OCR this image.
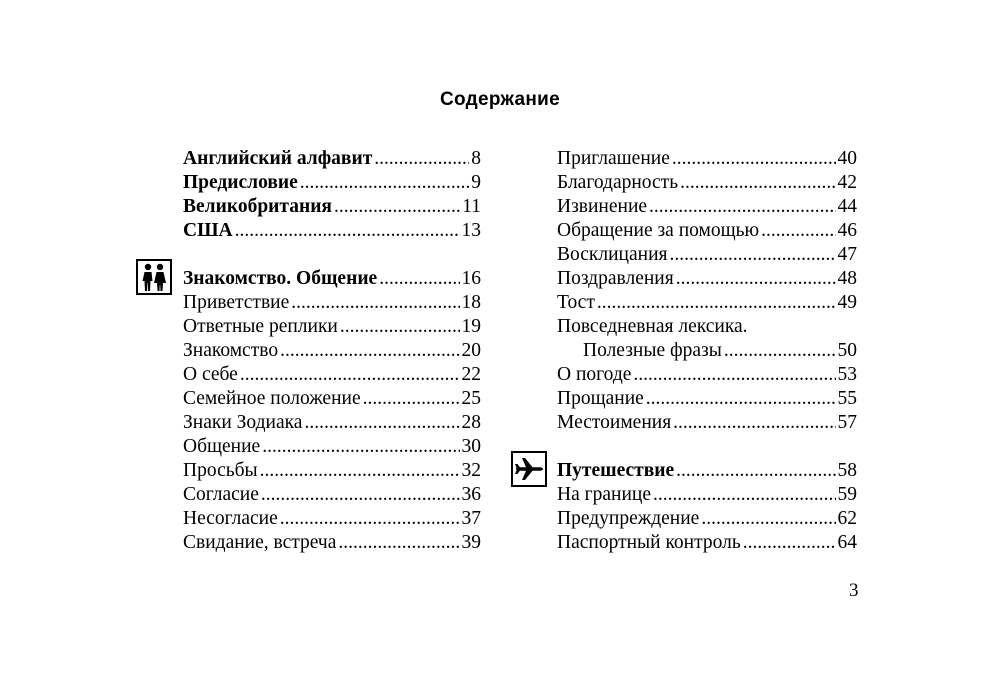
Содержание
Английский алфавит .....	8
Предисловие .....	9
Великобритания .....	11
США .....	13
Знакомство. Общение .....	16
Приветствие .....	18
Ответные реплики .....	19
Знакомство .....	20
О себе .....	22
Семейное положение .....	25
Знаки Зодиака .....	28
Общение .....	30
Просьбы .....	32
Согласие .....	36
Несогласие .....	37
Свидание, встреча .....	39
Приглашение .....	40
Благодарность .....	42
Извинение .....	44
Обращение за помощью .....	46
Восклицания .....	47
Поздравления .....	48
Тост .....	49
Повседневная лексика.
Полезные фразы .....	50
О погоде .....	53
Прощание .....	55
Местоимения .....	57
Путешествие .....	58
На границе .....	59
Предупреждение .....	62
Паспортный контроль .....	64
3
